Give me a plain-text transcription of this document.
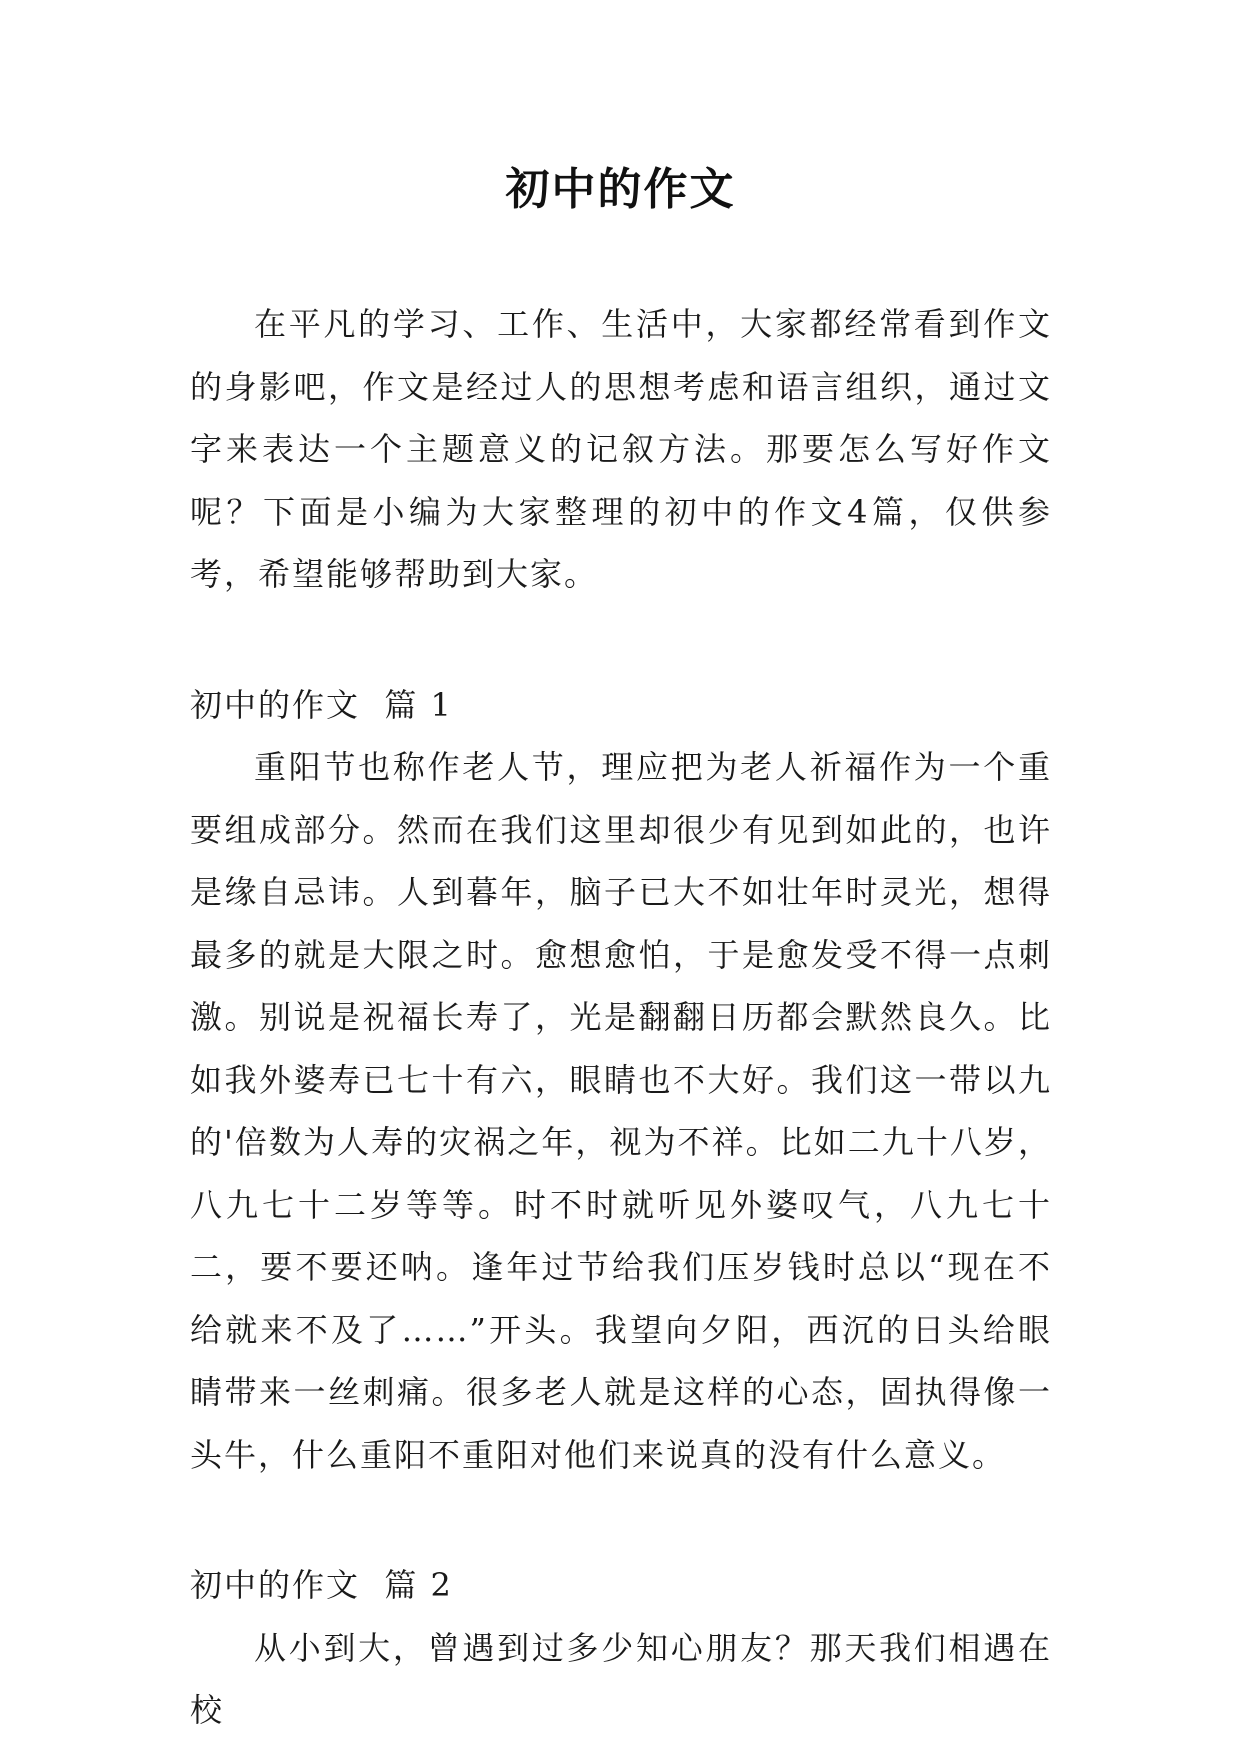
初中的作文

在平凡的学习、工作、生活中，大家都经常看到作文的身影吧，作文是经过人的思想考虑和语言组织，通过文字来表达一个主题意义的记叙方法。那要怎么写好作文呢？下面是小编为大家整理的初中的作文4篇，仅供参考，希望能够帮助到大家。

初中的作文  篇 1

重阳节也称作老人节，理应把为老人祈福作为一个重要组成部分。然而在我们这里却很少有见到如此的，也许是缘自忌讳。人到暮年，脑子已大不如壮年时灵光，想得最多的就是大限之时。愈想愈怕，于是愈发受不得一点刺激。别说是祝福长寿了，光是翻翻日历都会默然良久。比如我外婆寿已七十有六，眼睛也不大好。我们这一带以九的'倍数为人寿的灾祸之年，视为不祥。比如二九十八岁，八九七十二岁等等。时不时就听见外婆叹气，八九七十二，要不要还呐。逢年过节给我们压岁钱时总以“现在不给就来不及了……”开头。我望向夕阳，西沉的日头给眼睛带来一丝刺痛。很多老人就是这样的心态，固执得像一头牛，什么重阳不重阳对他们来说真的没有什么意义。

初中的作文  篇 2

从小到大，曾遇到过多少知心朋友？那天我们相遇在校
